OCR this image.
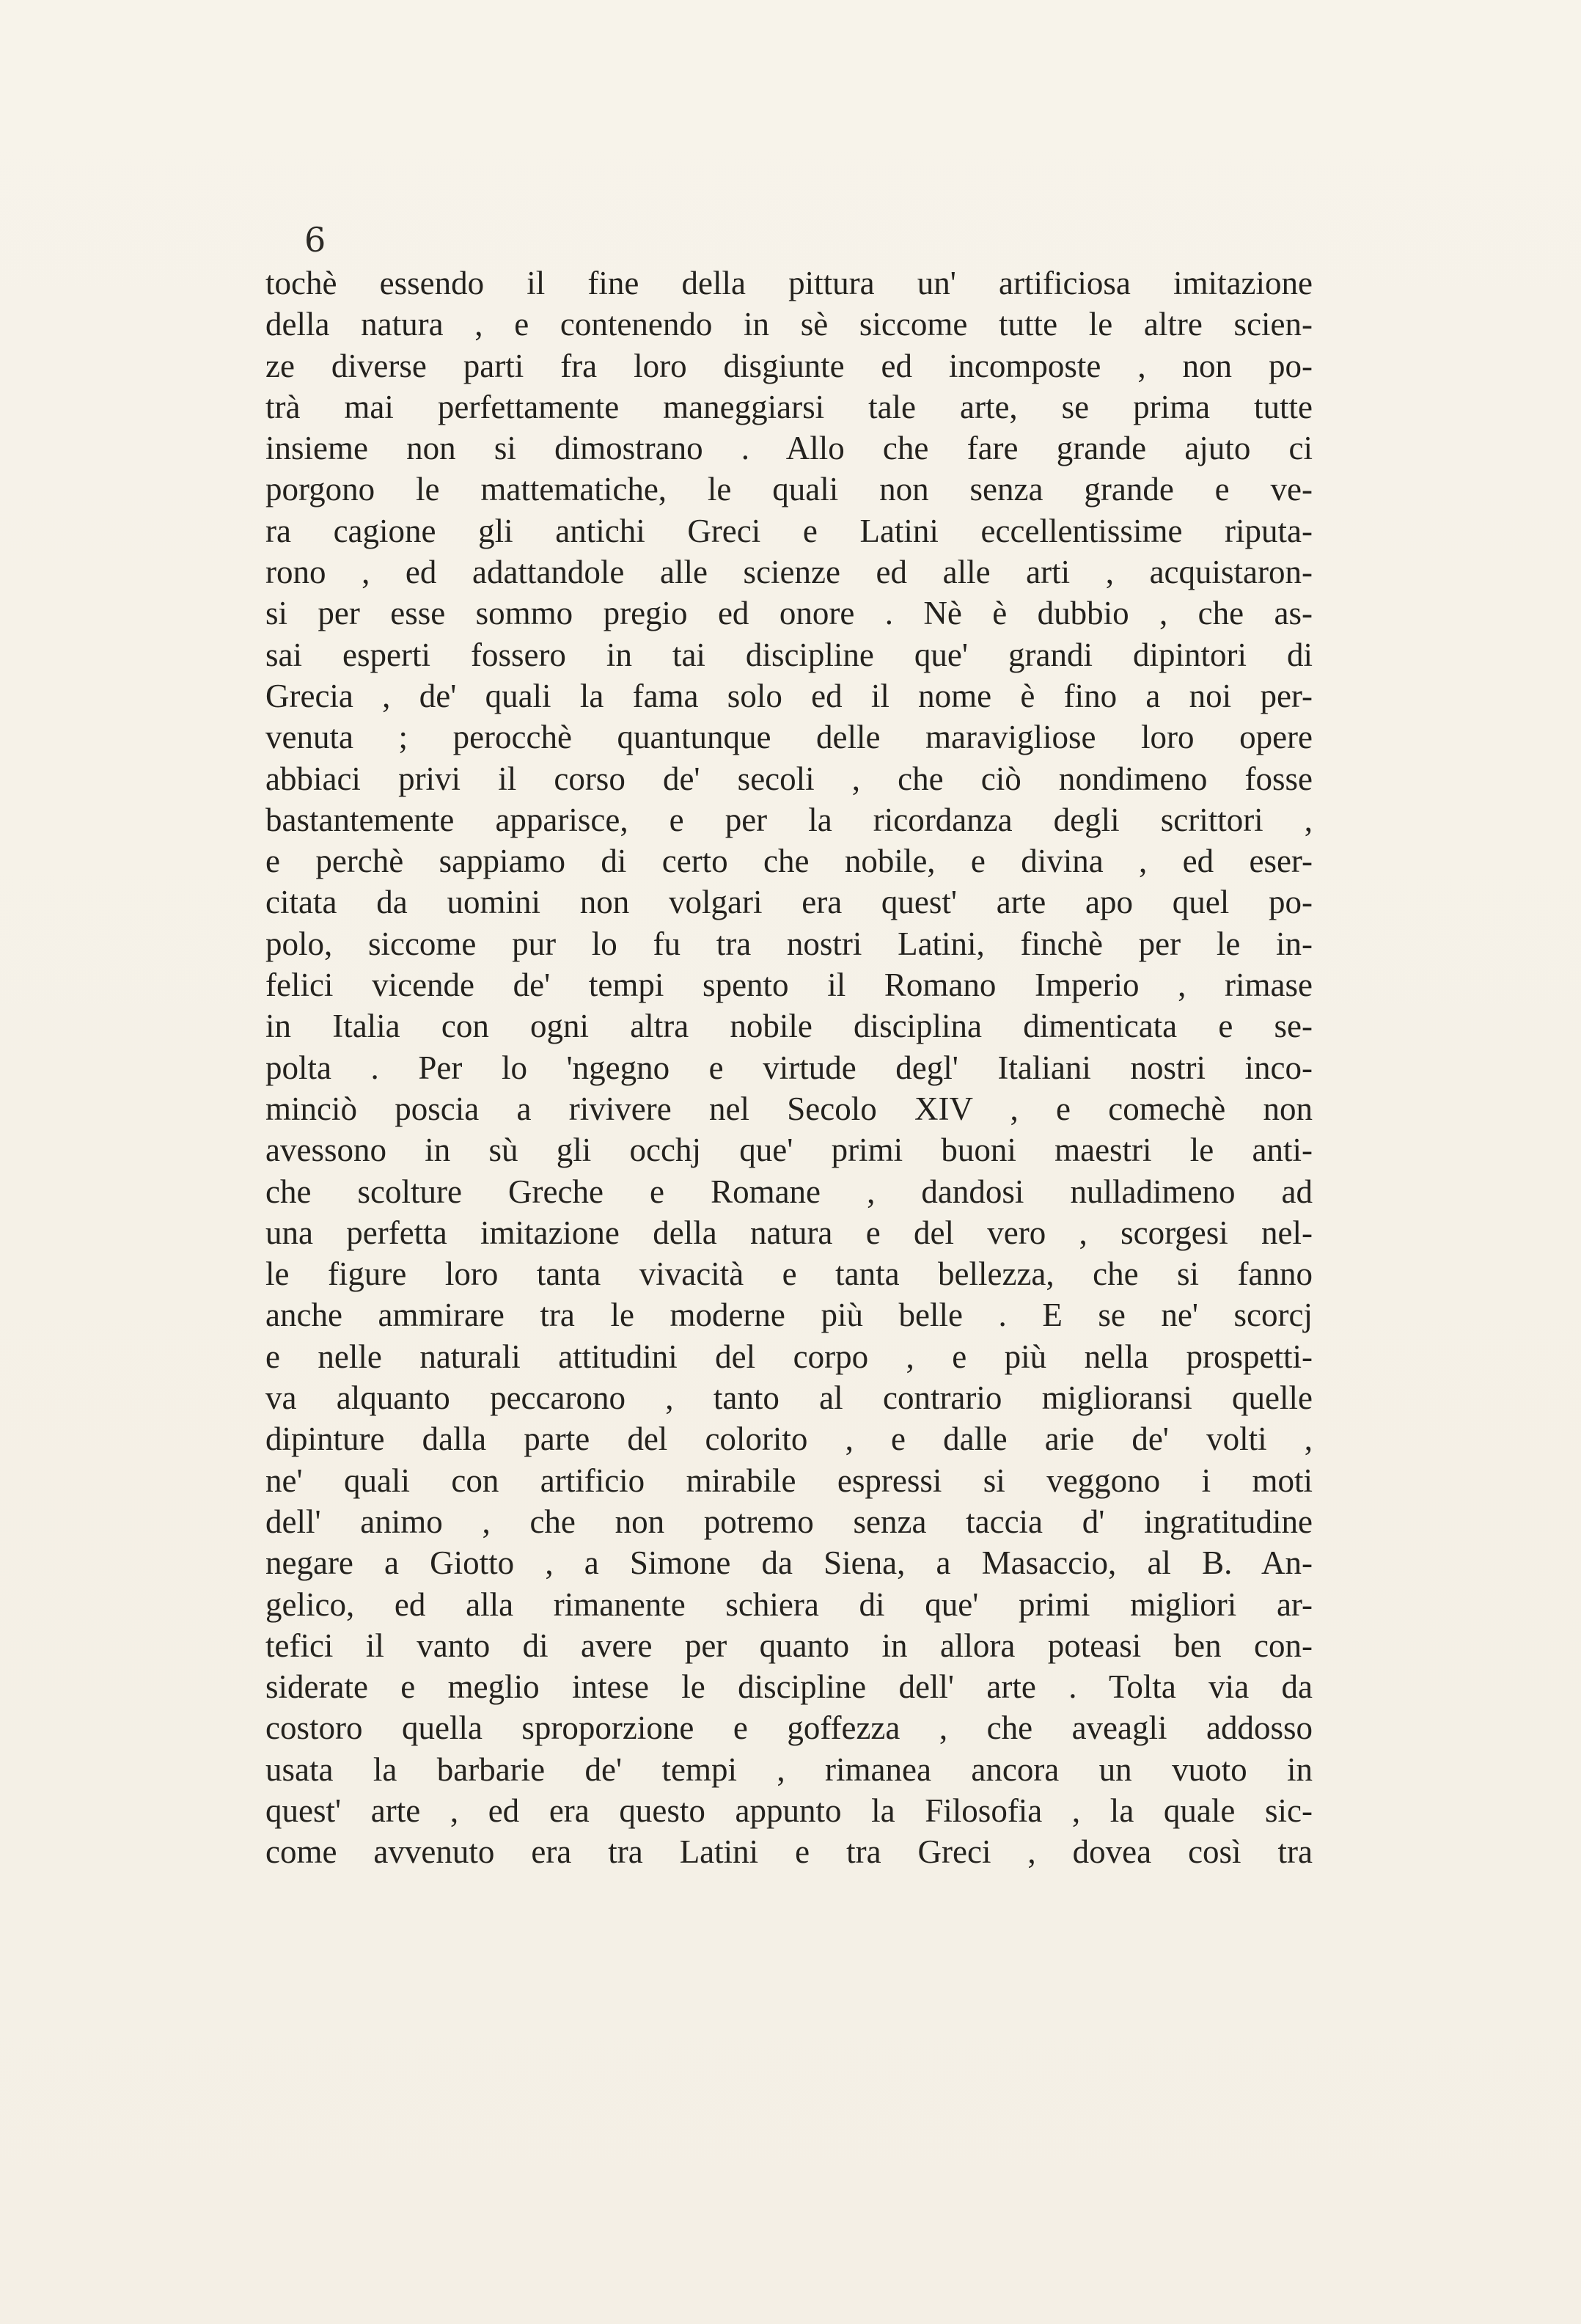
6
tochè essendo il fine della pittura un' artificiosa imitazione
della natura , e contenendo in sè siccome tutte le altre scien-
ze diverse parti fra loro disgiunte ed incomposte , non po-
trà mai perfettamente maneggiarsi tale arte, se prima tutte
insieme non si dimostrano . Allo che fare grande ajuto ci
porgono le mattematiche, le quali non senza grande e ve-
ra cagione gli antichi Greci e Latini eccellentissime riputa-
rono , ed adattandole alle scienze ed alle arti , acquistaron-
si per esse sommo pregio ed onore . Nè è dubbio , che as-
sai esperti fossero in tai discipline que' grandi dipintori di
Grecia , de' quali la fama solo ed il nome è fino a noi per-
venuta ; perocchè quantunque delle maravigliose loro opere
abbiaci privi il corso de' secoli , che ciò nondimeno fosse
bastantemente apparisce, e per la ricordanza degli scrittori ,
e perchè sappiamo di certo che nobile, e divina , ed eser-
citata da uomini non volgari era quest' arte apo quel po-
polo, siccome pur lo fu tra nostri Latini, finchè per le in-
felici vicende de' tempi spento il Romano Imperio , rimase
in Italia con ogni altra nobile disciplina dimenticata e se-
polta . Per lo 'ngegno e virtude degl' Italiani nostri inco-
minciò poscia a rivivere nel Secolo XIV , e comechè non
avessono in sù gli occhj que' primi buoni maestri le anti-
che scolture Greche e Romane , dandosi nulladimeno ad
una perfetta imitazione della natura e del vero , scorgesi nel-
le figure loro tanta vivacità e tanta bellezza, che si fanno
anche ammirare tra le moderne più belle . E se ne' scorcj
e nelle naturali attitudini del corpo , e più nella prospetti-
va alquanto peccarono , tanto al contrario miglioransi quelle
dipinture dalla parte del colorito , e dalle arie de' volti ,
ne' quali con artificio mirabile espressi si veggono i moti
dell' animo , che non potremo senza taccia d' ingratitudine
negare a Giotto , a Simone da Siena, a Masaccio, al B. An-
gelico, ed alla rimanente schiera di que' primi migliori ar-
tefici il vanto di avere per quanto in allora poteasi ben con-
siderate e meglio intese le discipline dell' arte . Tolta via da
costoro quella sproporzione e goffezza , che aveagli addosso
usata la barbarie de' tempi , rimanea ancora un vuoto in
quest' arte , ed era questo appunto la Filosofia , la quale sic-
come avvenuto era tra Latini e tra Greci , dovea così tra
